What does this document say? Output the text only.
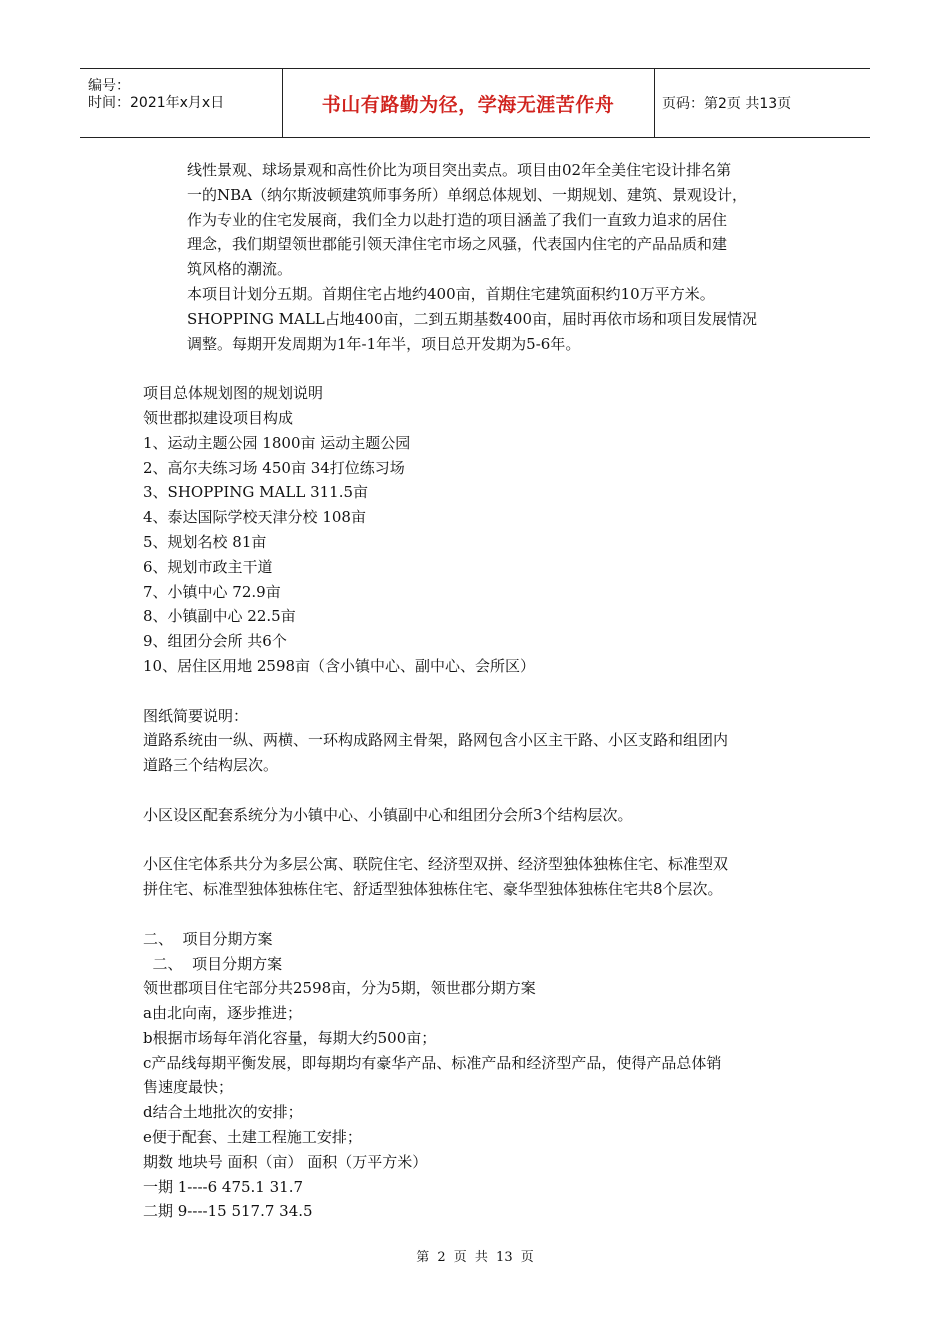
编号：
时间：2021年x月x日	书山有路勤为径，学海无涯苦作舟	页码：第2页 共13页

线性景观、球场景观和高性价比为项目突出卖点。项目由02年全美住宅设计排名第

一的NBA（纳尔斯波顿建筑师事务所）单纲总体规划、一期规划、建筑、景观设计，

作为专业的住宅发展商，我们全力以赴打造的项目涵盖了我们一直致力追求的居住

理念，我们期望领世郡能引领天津住宅市场之风骚，代表国内住宅的产品品质和建

筑风格的潮流。

本项目计划分五期。首期住宅占地约400亩，首期住宅建筑面积约10万平方米。

SHOPPING MALL占地400亩，二到五期基数400亩，届时再依市场和项目发展情况

调整。每期开发周期为1年-1年半，项目总开发期为5-6年。

项目总体规划图的规划说明

领世郡拟建设项目构成

1、运动主题公园 1800亩 运动主题公园

2、高尔夫练习场 450亩 34打位练习场

3、SHOPPING MALL 311.5亩

4、泰达国际学校天津分校 108亩

5、规划名校 81亩

6、规划市政主干道

7、小镇中心 72.9亩

8、小镇副中心 22.5亩

9、组团分会所 共6个

10、居住区用地 2598亩（含小镇中心、副中心、会所区）

图纸简要说明：

道路系统由一纵、两横、一环构成路网主骨架，路网包含小区主干路、小区支路和组团内

道路三个结构层次。

小区设区配套系统分为小镇中心、小镇副中心和组团分会所3个结构层次。

小区住宅体系共分为多层公寓、联院住宅、经济型双拼、经济型独体独栋住宅、标准型双

拼住宅、标准型独体独栋住宅、舒适型独体独栋住宅、豪华型独体独栋住宅共8个层次。

二、  项目分期方案

二、  项目分期方案

领世郡项目住宅部分共2598亩，分为5期，领世郡分期方案

a由北向南，逐步推进；

b根据市场每年消化容量，每期大约500亩；

c产品线每期平衡发展，即每期均有豪华产品、标准产品和经济型产品，使得产品总体销

售速度最快；

d结合土地批次的安排；

e便于配套、土建工程施工安排；

期数 地块号 面积（亩） 面积（万平方米）

一期 1----6 475.1 31.7

二期 9----15 517.7 34.5

第 2 页 共 13 页
